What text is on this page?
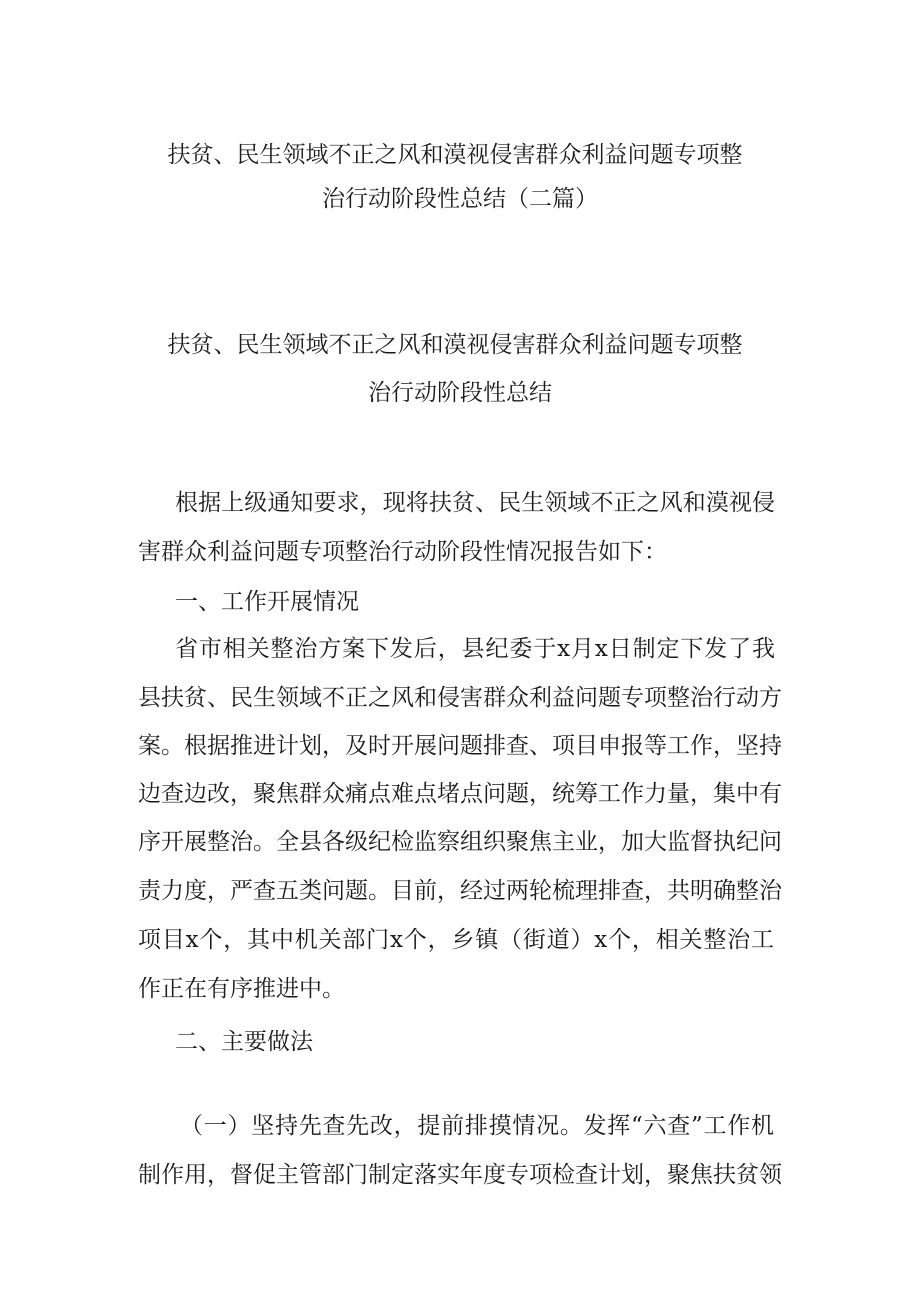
扶贫、民生领域不正之风和漠视侵害群众利益问题专项整
治行动阶段性总结（二篇）
扶贫、民生领域不正之风和漠视侵害群众利益问题专项整
治行动阶段性总结
根据上级通知要求，现将扶贫、民生领域不正之风和漠视侵
害群众利益问题专项整治行动阶段性情况报告如下：
一、工作开展情况
省市相关整治方案下发后，县纪委于x月x日制定下发了我
县扶贫、民生领域不正之风和侵害群众利益问题专项整治行动方
案。根据推进计划，及时开展问题排查、项目申报等工作，坚持
边查边改，聚焦群众痛点难点堵点问题，统筹工作力量，集中有
序开展整治。全县各级纪检监察组织聚焦主业，加大监督执纪问
责力度，严查五类问题。目前，经过两轮梳理排查，共明确整治
项目x个，其中机关部门x个，乡镇（街道）x个，相关整治工
作正在有序推进中。
二、主要做法
（一）坚持先查先改，提前排摸情况。发挥“六查”工作机
制作用，督促主管部门制定落实年度专项检查计划，聚焦扶贫领
